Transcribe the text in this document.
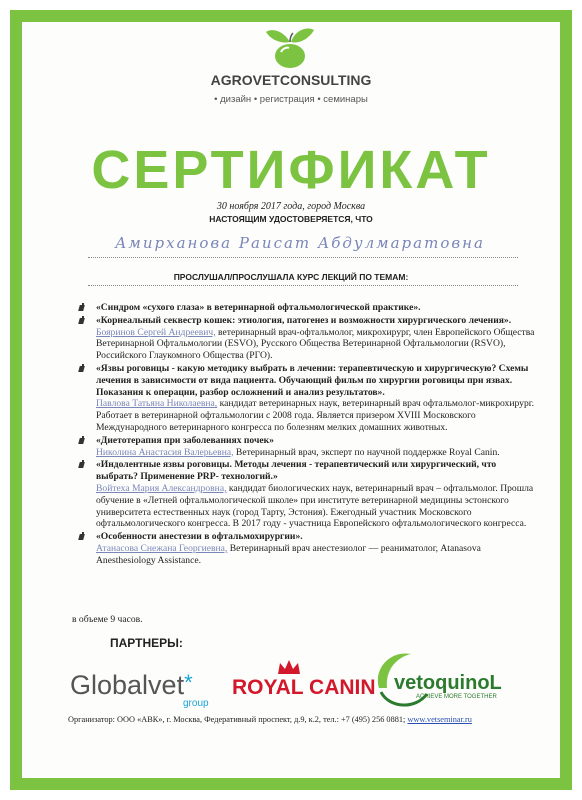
AGROVETCONSULTING
• дизайн • регистрация • семинары
СЕРТИФИКАТ
30 ноября 2017 года, город Москва
НАСТОЯЩИМ УДОСТОВЕРЯЕТСЯ, ЧТО
Амирханова Раисат Абдулмаратовна
ПРОСЛУШАЛ/ПРОСЛУШАЛА КУРС ЛЕКЦИЙ ПО ТЕМАМ:
«Синдром «сухого глаза» в ветеринарной офтальмологической практике».
«Корнеальный секвестр кошек: этиология, патогенез и возможности хирургического лечения».
Бояринов Сергей Андреевич, ветеринарный врач-офтальмолог, микрохирург, член Европейского Общества Ветеринарной Офтальмологии (ESVO), Русского Общества Ветеринарной Офтальмологии (RSVO), Российского Глаукомного Общества (РГО).
«Язвы роговицы - какую методику выбрать в лечении: терапевтическую и хирургическую? Схемы лечения в зависимости от вида пациента. Обучающий фильм по хирургии роговицы при язвах. Показания к операции, разбор осложнений и анализ результатов».
Павлова Татьяна Николаевна, кандидат ветеринарных наук, ветеринарный врач офтальмолог-микрохирург. Работает в ветеринарной офтальмологии с 2008 года. Является призером XVIII Московского Международного ветеринарного конгресса по болезням мелких домашних животных.
«Диетотерапия при заболеваниях почек»
Николина Анастасия Валерьевна, Ветеринарный врач, эксперт по научной поддержке Royal Canin.
«Индолентные язвы роговицы. Методы лечения - терапевтический или хирургический, что выбрать? Применение PRP- технологий.»
Войтеха Мария Александровна, кандидат биологических наук, ветеринарный врач – офтальмолог. Прошла обучение в «Летней офтальмологической школе» при институте ветеринарной медицины эстонского университета естественных наук (город Тарту, Эстония). Ежегодный участник Московского офтальмологического конгресса. В 2017 году - участница Европейского офтальмологического конгресса.
«Особенности анестезии в офтальмохирургии».
Атанасова Снежана Георгиевна, Ветеринарный врач анестезиолог — реаниматолог, Atanasova Anesthesiology Assistance.
в объеме 9 часов.
ПАРТНЕРЫ:
Globalvet*
group
ROYAL CANIN vetoquinoL
ACHIEVE MORE TOGETHER
Организатор: ООО «АВК», г. Москва, Федеративный проспект, д.9, к.2, тел.: +7 (495) 256 0881; www.vetseminar.ru
